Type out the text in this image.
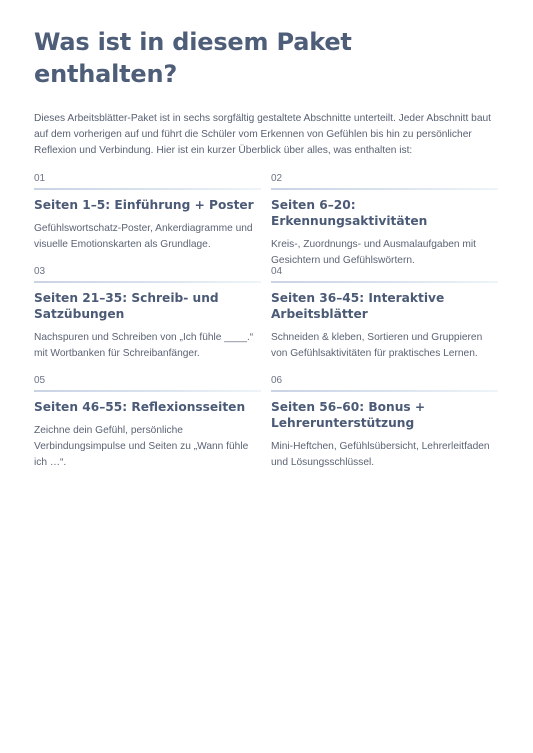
Was ist in diesem Paket enthalten?

Dieses Arbeitsblätter-Paket ist in sechs sorgfältig gestaltete Abschnitte unterteilt. Jeder Abschnitt baut auf dem vorherigen auf und führt die Schüler vom Erkennen von Gefühlen bis hin zu persönlicher Reflexion und Verbindung. Hier ist ein kurzer Überblick über alles, was enthalten ist:

01
Seiten 1–5: Einführung + Poster

Gefühlswortschatz-Poster, Ankerdiagramme und visuelle Emotionskarten als Grundlage.

02
Seiten 6–20: Erkennungsaktivitäten

Kreis-, Zuordnungs- und Ausmalaufgaben mit Gesichtern und Gefühlswörtern.

03
Seiten 21–35: Schreib- und Satzübungen

Nachspuren und Schreiben von „Ich fühle ____.“ mit Wortbanken für Schreibanfänger.

04
Seiten 36–45: Interaktive Arbeitsblätter

Schneiden & kleben, Sortieren und Gruppieren von Gefühlsaktivitäten für praktisches Lernen.

05
Seiten 46–55: Reflexionsseiten

Zeichne dein Gefühl, persönliche Verbindungsimpulse und Seiten zu „Wann fühle ich …“.

06
Seiten 56–60: Bonus + Lehrerunterstützung

Mini-Heftchen, Gefühlsübersicht, Lehrerleitfaden und Lösungsschlüssel.
